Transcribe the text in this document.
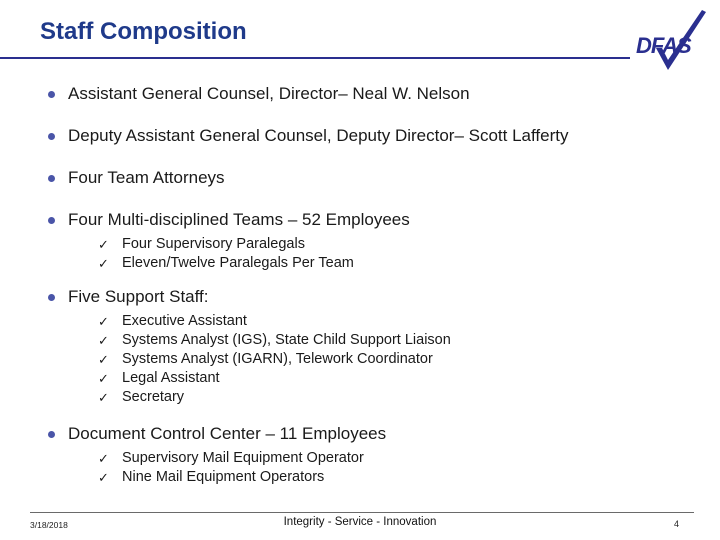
Staff Composition
DFAS
Assistant General Counsel, Director– Neal W. Nelson
Deputy Assistant General Counsel, Deputy Director– Scott Lafferty
Four Team Attorneys
Four Multi-disciplined Teams – 52 Employees
✓ Four Supervisory Paralegals
✓ Eleven/Twelve Paralegals Per Team
Five Support Staff:
✓ Executive Assistant
✓ Systems Analyst (IGS), State Child Support Liaison
✓ Systems Analyst (IGARN), Telework Coordinator
✓ Legal Assistant
✓ Secretary
Document Control Center – 11 Employees
✓ Supervisory Mail Equipment Operator
✓ Nine Mail Equipment Operators
3/18/2018	Integrity - Service - Innovation	4
